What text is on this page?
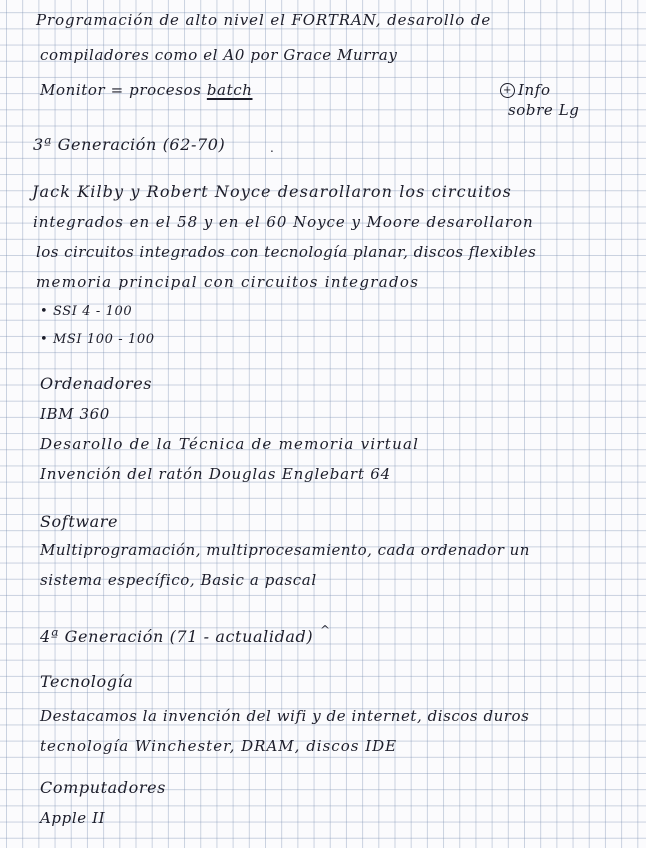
Programación de alto nivel el FORTRAN, desarollo de
compiladores como el A0 por Grace Murray
Monitor = procesos batch	+ Info
sobre Lg
3ª Generación (62-70)	.
Jack Kilby y Robert Noyce desarollaron los circuitos
integrados en el 58 y en el 60 Noyce y Moore desarollaron
los circuitos integrados con tecnología planar, discos flexibles
memoria principal con circuitos integrados
• SSI 4 - 100
• MSI 100 - 100
Ordenadores
IBM 360
Desarollo de la Técnica de memoria virtual
Invención del ratón Douglas Englebart 64
Software
Multiprogramación, multiprocesamiento, cada ordenador un
sistema específico, Basic a pascal
4ª Generación (71 - actualidad) ^
Tecnología
Destacamos la invención del wifi y de internet, discos duros
tecnología Winchester, DRAM, discos IDE
Computadores
Apple II
